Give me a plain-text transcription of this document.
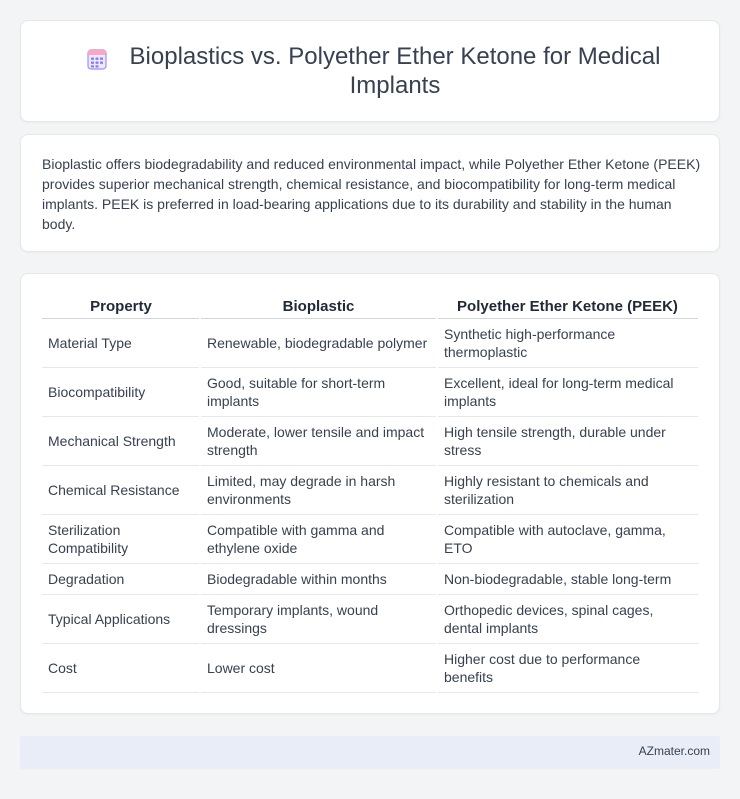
Bioplastics vs. Polyether Ether Ketone for Medical Implants

Bioplastic offers biodegradability and reduced environmental impact, while Polyether Ether Ketone (PEEK) provides superior mechanical strength, chemical resistance, and biocompatibility for long-term medical implants. PEEK is preferred in load-bearing applications due to its durability and stability in the human body.

Property	Bioplastic	Polyether Ether Ketone (PEEK)
Material Type	Renewable, biodegradable polymer	Synthetic high-performance thermoplastic
Biocompatibility	Good, suitable for short-term implants	Excellent, ideal for long-term medical implants
Mechanical Strength	Moderate, lower tensile and impact strength	High tensile strength, durable under stress
Chemical Resistance	Limited, may degrade in harsh environments	Highly resistant to chemicals and sterilization
Sterilization Compatibility	Compatible with gamma and ethylene oxide	Compatible with autoclave, gamma, ETO
Degradation	Biodegradable within months	Non-biodegradable, stable long-term
Typical Applications	Temporary implants, wound dressings	Orthopedic devices, spinal cages, dental implants
Cost	Lower cost	Higher cost due to performance benefits
AZmater.com
